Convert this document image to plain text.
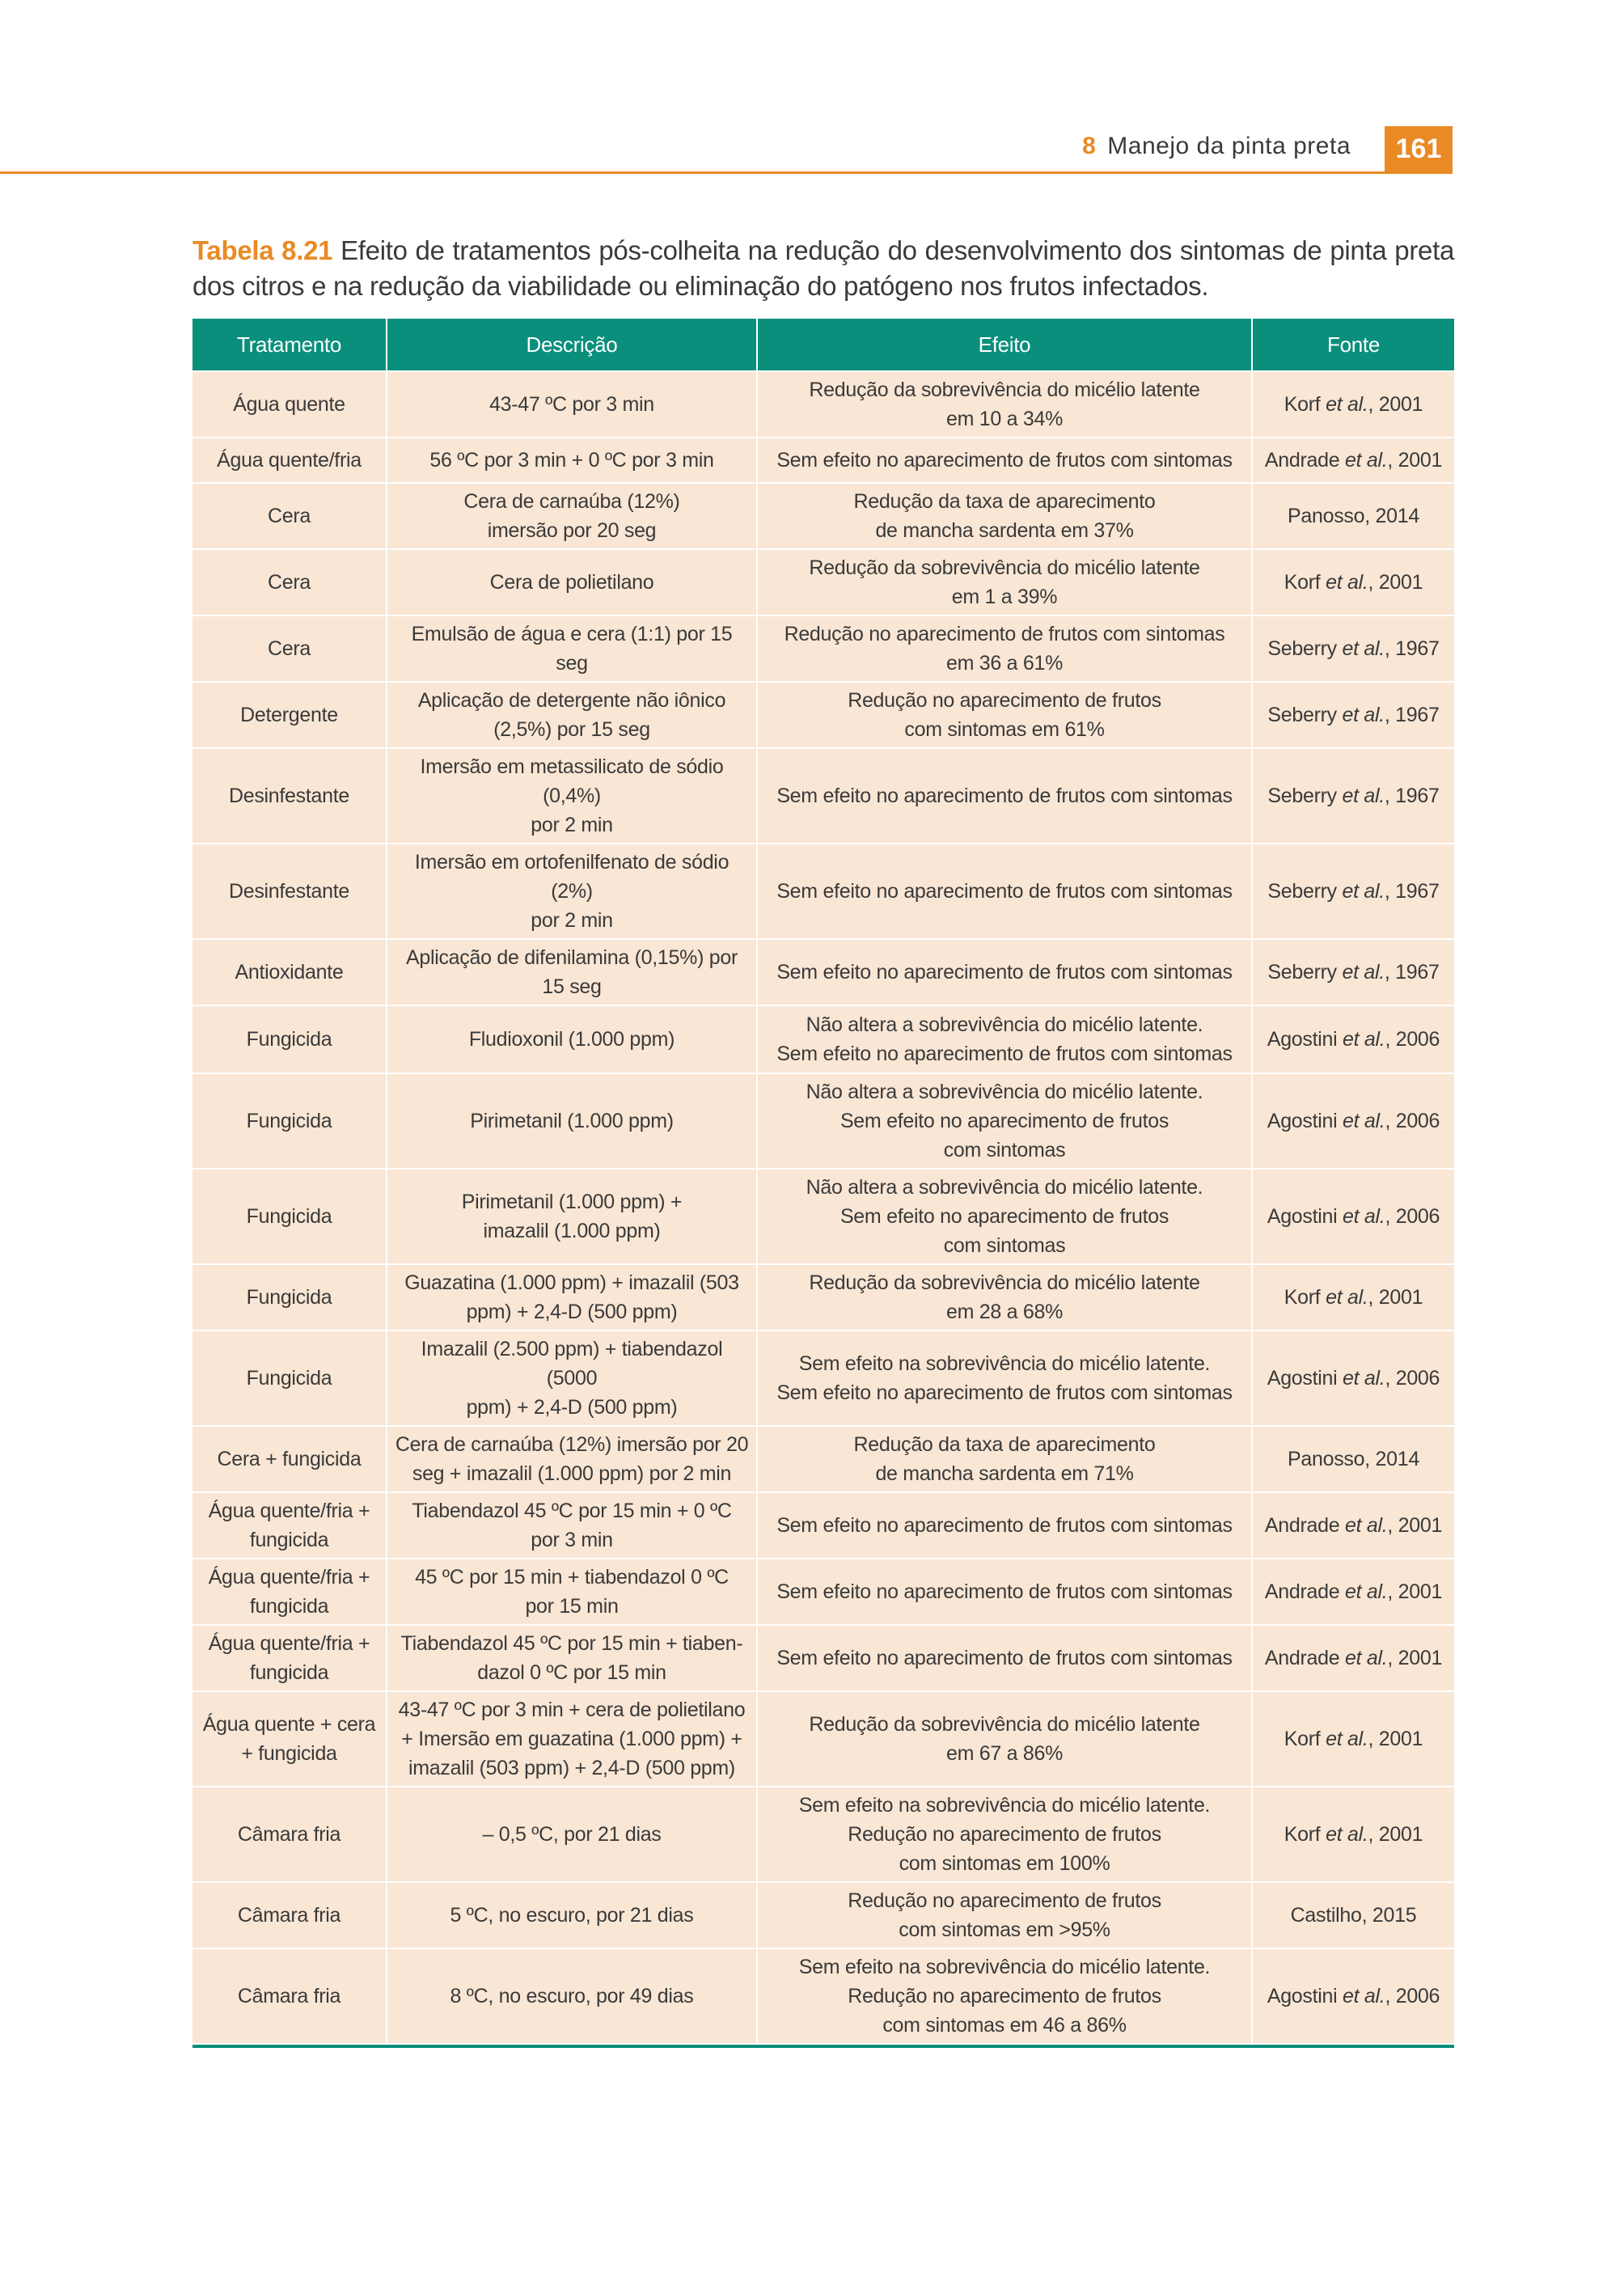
8 Manejo da pinta preta	161
Tabela 8.21 Efeito de tratamentos pós-colheita na redução do desenvolvimento dos sintomas de pinta preta dos citros e na redução da viabilidade ou eliminação do patógeno nos frutos infectados.
Tratamento	Descrição	Efeito	Fonte
Água quente	43-47 ºC por 3 min	Redução da sobrevivência do micélio latente
em 10 a 34%	Korf et al., 2001
Água quente/fria	56 ºC por 3 min + 0 ºC por 3 min	Sem efeito no aparecimento de frutos com sintomas	Andrade et al., 2001
Cera	Cera de carnaúba (12%)
imersão por 20 seg	Redução da taxa de aparecimento
de mancha sardenta em 37%	Panosso, 2014
Cera	Cera de polietilano	Redução da sobrevivência do micélio latente
em 1 a 39%	Korf et al., 2001
Cera	Emulsão de água e cera (1:1) por 15 seg	Redução no aparecimento de frutos com sintomas
em 36 a 61%	Seberry et al., 1967
Detergente	Aplicação de detergente não iônico
(2,5%) por 15 seg	Redução no aparecimento de frutos
com sintomas em 61%	Seberry et al., 1967
Desinfestante	Imersão em metassilicato de sódio (0,4%)
por 2 min	Sem efeito no aparecimento de frutos com sintomas	Seberry et al., 1967
Desinfestante	Imersão em ortofenilfenato de sódio (2%)
por 2 min	Sem efeito no aparecimento de frutos com sintomas	Seberry et al., 1967
Antioxidante	Aplicação de difenilamina (0,15%) por
15 seg	Sem efeito no aparecimento de frutos com sintomas	Seberry et al., 1967
Fungicida	Fludioxonil (1.000 ppm)	Não altera a sobrevivência do micélio latente.
Sem efeito no aparecimento de frutos com sintomas	Agostini et al., 2006
Fungicida	Pirimetanil (1.000 ppm)	Não altera a sobrevivência do micélio latente.
Sem efeito no aparecimento de frutos
com sintomas	Agostini et al., 2006
Fungicida	Pirimetanil (1.000 ppm) +
imazalil (1.000 ppm)	Não altera a sobrevivência do micélio latente.
Sem efeito no aparecimento de frutos
com sintomas	Agostini et al., 2006
Fungicida	Guazatina (1.000 ppm) + imazalil (503
ppm) + 2,4-D (500 ppm)	Redução da sobrevivência do micélio latente
em 28 a 68%	Korf et al., 2001
Fungicida	Imazalil (2.500 ppm) + tiabendazol (5000
ppm) + 2,4-D (500 ppm)	Sem efeito na sobrevivência do micélio latente.
Sem efeito no aparecimento de frutos com sintomas	Agostini et al., 2006
Cera + fungicida	Cera de carnaúba (12%) imersão por 20
seg + imazalil (1.000 ppm) por 2 min	Redução da taxa de aparecimento
de mancha sardenta em 71%	Panosso, 2014
Água quente/fria +
fungicida	Tiabendazol 45 ºC por 15 min + 0 ºC
por 3 min	Sem efeito no aparecimento de frutos com sintomas	Andrade et al., 2001
Água quente/fria +
fungicida	45 ºC por 15 min + tiabendazol 0 ºC
por 15 min	Sem efeito no aparecimento de frutos com sintomas	Andrade et al., 2001
Água quente/fria +
fungicida	Tiabendazol 45 ºC por 15 min + tiaben-
dazol 0 ºC por 15 min	Sem efeito no aparecimento de frutos com sintomas	Andrade et al., 2001
Água quente + cera
+ fungicida	43-47 ºC por 3 min + cera de polietilano
+ Imersão em guazatina (1.000 ppm) +
imazalil (503 ppm) + 2,4-D (500 ppm)	Redução da sobrevivência do micélio latente
em 67 a 86%	Korf et al., 2001
Câmara fria	– 0,5 ºC, por 21 dias	Sem efeito na sobrevivência do micélio latente.
Redução no aparecimento de frutos
com sintomas em 100%	Korf et al., 2001
Câmara fria	5 ºC, no escuro, por 21 dias	Redução no aparecimento de frutos
com sintomas em >95%	Castilho, 2015
Câmara fria	8 ºC, no escuro, por 49 dias	Sem efeito na sobrevivência do micélio latente.
Redução no aparecimento de frutos
com sintomas em 46 a 86%	Agostini et al., 2006
